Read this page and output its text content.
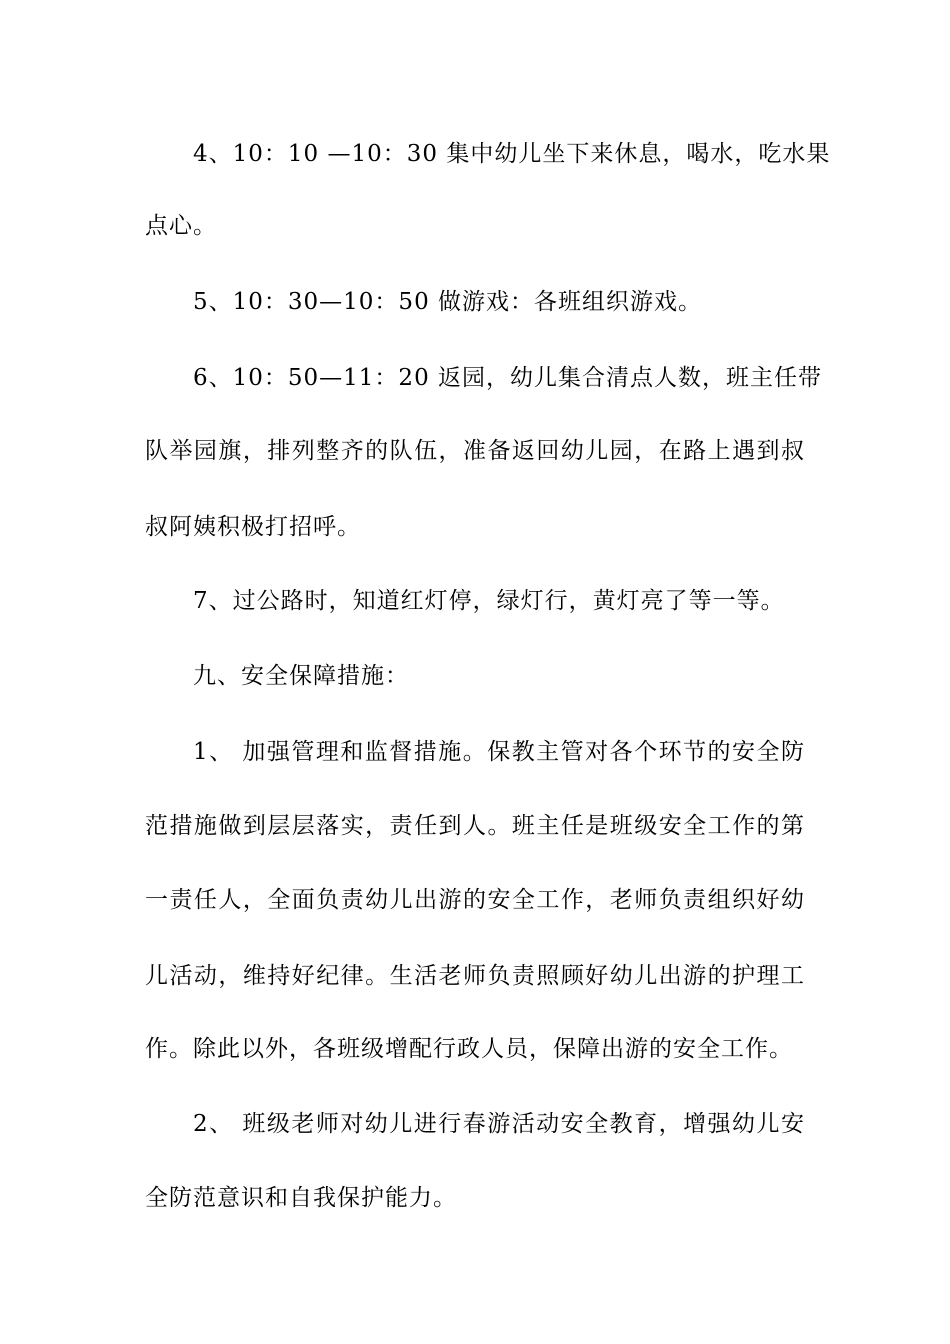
4、10：10 —10：30 集中幼儿坐下来休息，喝水，吃水果
点心。
5、10：30—10：50 做游戏：各班组织游戏。
6、10：50—11：20 返园，幼儿集合清点人数，班主任带
队举园旗，排列整齐的队伍，准备返回幼儿园，在路上遇到叔
叔阿姨积极打招呼。
7、过公路时，知道红灯停，绿灯行，黄灯亮了等一等。
九、安全保障措施：
1、 加强管理和监督措施。保教主管对各个环节的安全防
范措施做到层层落实，责任到人。班主任是班级安全工作的第
一责任人，全面负责幼儿出游的安全工作，老师负责组织好幼
儿活动，维持好纪律。生活老师负责照顾好幼儿出游的护理工
作。除此以外，各班级增配行政人员，保障出游的安全工作。
2、 班级老师对幼儿进行春游活动安全教育，增强幼儿安
全防范意识和自我保护能力。
